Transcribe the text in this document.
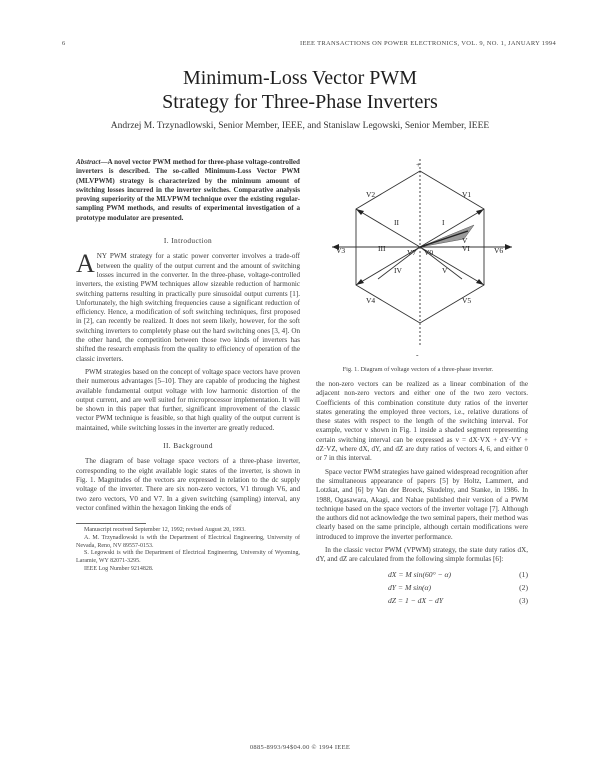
6	IEEE TRANSACTIONS ON POWER ELECTRONICS, VOL. 9, NO. 1, JANUARY 1994
Minimum-Loss Vector PWM
Strategy for Three-Phase Inverters
Andrzej M. Trzynadlowski, Senior Member, IEEE, and Stanislaw Legowski, Senior Member, IEEE
Abstract—A novel vector PWM method for three-phase voltage-controlled inverters is described. The so-called Minimum-Loss Vector PWM (MLVPWM) strategy is characterized by the minimum amount of switching losses incurred in the inverter switches. Comparative analysis proving superiority of the MLVPWM technique over the existing regular-sampling PWM methods, and results of experimental investigation of a prototype modulator are presented.
I. Introduction

ANY PWM strategy for a static power converter involves a trade-off between the quality of the output current and the amount of switching losses incurred in the converter. In the three-phase, voltage-controlled inverters, the existing PWM techniques allow sizeable reduction of harmonic switching patterns resulting in practically pure sinusoidal output currents [1]. Unfortunately, the high switching frequencies cause a significant reduction of efficiency. Hence, a modification of soft switching techniques, first proposed in [2], can recently be realized. It does not seem likely, however, for the soft switching inverters to completely phase out the hard switching ones [3, 4]. On the other hand, the competition between those two kinds of inverters has shifted the research emphasis from the quality to efficiency of operation of the classic inverters.

PWM strategies based on the concept of voltage space vectors have proven their numerous advantages [5–10]. They are capable of producing the highest available fundamental output voltage with low harmonic distortion of the output current, and are well suited for microprocessor implementation. It will be shown in this paper that further, significant improvement of the classic vector PWM technique is feasible, so that high quality of the output current is maintained, while switching losses in the inverter are greatly reduced.

II. Background

The diagram of base voltage space vectors of a three-phase inverter, corresponding to the eight available logic states of the inverter, is shown in Fig. 1. Magnitudes of the vectors are expressed in relation to the dc supply voltage of the inverter. There are six non-zero vectors, V1 through V6, and two zero vectors, V0 and V7. In a given switching (sampling) interval, any vector confined within the hexagon linking the ends of

Manuscript received September 12, 1992; revised August 20, 1993.

A. M. Trzynadlowski is with the Department of Electrical Engineering, University of Nevada, Reno, NV 89557-0153.

S. Legowski is with the Department of Electrical Engineering, University of Wyoming, Laramie, WY 82071-3295.

IEEE Log Number 9214828.

+
-
V1
V2
V3
V4	V5
V6
V0
V7
V
I
II
III
IV	V
VI
Fig. 1. Diagram of voltage vectors of a three-phase inverter.

the non-zero vectors can be realized as a linear combination of the adjacent non-zero vectors and either one of the two zero vectors. Coefficients of this combination constitute duty ratios of the inverter states generating the employed three vectors, i.e., relative durations of these states with respect to the length of the switching interval. For example, vector v shown in Fig. 1 inside a shaded segment representing certain switching interval can be expressed as v = dX·VX + dY·VY + dZ·VZ, where dX, dY, and dZ are duty ratios of vectors 4, 6, and either 0 or 7 in this interval.

Space vector PWM strategies have gained widespread recognition after the simultaneous appearance of papers [5] by Holtz, Lammert, and Lotzkat, and [6] by Van der Broeck, Skudelny, and Stanke, in 1986. In 1988, Ogasawara, Akagi, and Nabae published their version of a PWM technique based on the space vectors of the inverter voltage [7]. Although the authors did not acknowledge the two seminal papers, their method was clearly based on the same principle, although certain modifications were introduced to improve the inverter performance.

In the classic vector PWM (VPWM) strategy, the state duty ratios dX, dY, and dZ are calculated from the following simple formulas [6]:

dX = M sin(60° − α)	(1)
dY = M sin(α)	(2)
dZ = 1 − dX − dY	(3)
0885-8993/94$04.00 © 1994 IEEE
